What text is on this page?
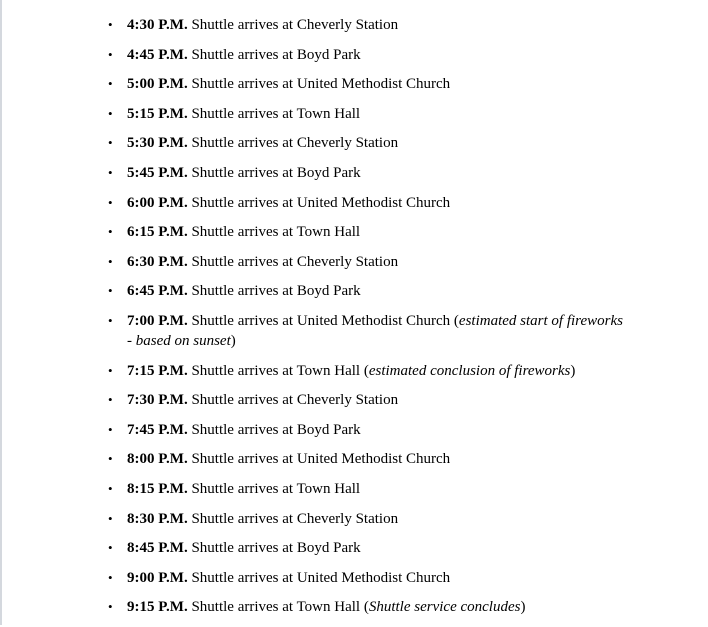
• 4:30 P.M. Shuttle arrives at Cheverly Station
• 4:45 P.M. Shuttle arrives at Boyd Park
• 5:00 P.M. Shuttle arrives at United Methodist Church
• 5:15 P.M. Shuttle arrives at Town Hall
• 5:30 P.M. Shuttle arrives at Cheverly Station
• 5:45 P.M. Shuttle arrives at Boyd Park
• 6:00 P.M. Shuttle arrives at United Methodist Church
• 6:15 P.M. Shuttle arrives at Town Hall
• 6:30 P.M. Shuttle arrives at Cheverly Station
• 6:45 P.M. Shuttle arrives at Boyd Park
• 7:00 P.M. Shuttle arrives at United Methodist Church (estimated start of fireworks - based on sunset)
• 7:15 P.M. Shuttle arrives at Town Hall (estimated conclusion of fireworks)
• 7:30 P.M. Shuttle arrives at Cheverly Station
• 7:45 P.M. Shuttle arrives at Boyd Park
• 8:00 P.M. Shuttle arrives at United Methodist Church
• 8:15 P.M. Shuttle arrives at Town Hall
• 8:30 P.M. Shuttle arrives at Cheverly Station
• 8:45 P.M. Shuttle arrives at Boyd Park
• 9:00 P.M. Shuttle arrives at United Methodist Church
• 9:15 P.M. Shuttle arrives at Town Hall (Shuttle service concludes)
